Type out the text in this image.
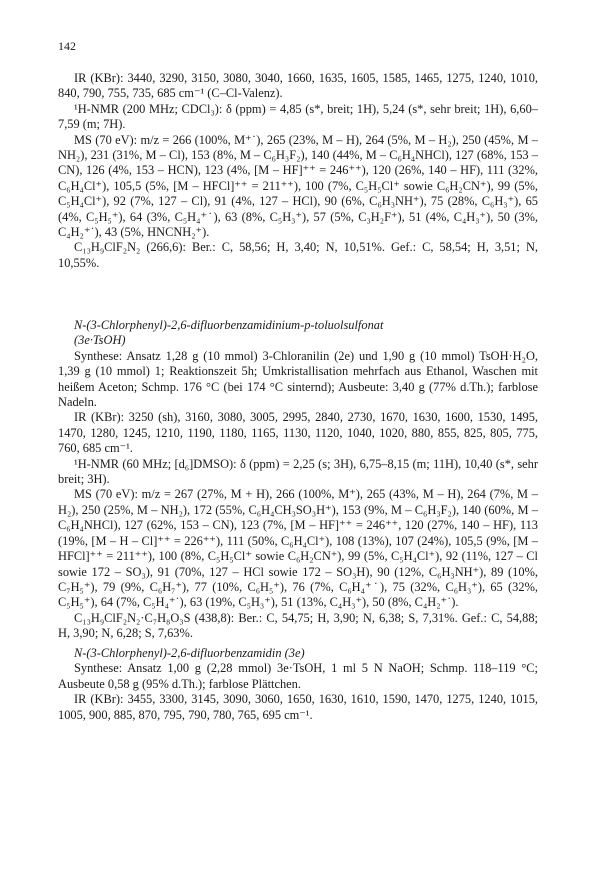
142

IR (KBr): 3440, 3290, 3150, 3080, 3040, 1660, 1635, 1605, 1585, 1465, 1275, 1240, 1010, 840, 790, 755, 735, 685 cm⁻¹ (C–Cl-Valenz).

¹H-NMR (200 MHz; CDCl₃): δ (ppm) = 4,85 (s*, breit; 1H), 5,24 (s*, sehr breit; 1H), 6,60–7,59 (m; 7H).

MS (70 eV): m/z = 266 (100%, M⁺˙), 265 (23%, M – H), 264 (5%, M – H₂), 250 (45%, M – NH₂), 231 (31%, M – Cl), 153 (8%, M – C₆H₃F₂), 140 (44%, M – C₆H₄NHCl), 127 (68%, 153 – CN), 126 (4%, 153 – HCN), 123 (4%, [M – HF]⁺⁺ = 246⁺⁺), 120 (26%, 140 – HF), 111 (32%, C₆H₄Cl⁺), 105,5 (5%, [M – HFCl]⁺⁺ = 211⁺⁺), 100 (7%, C₅H₅Cl⁺ sowie C₆H₂CN⁺), 99 (5%, C₅H₄Cl⁺), 92 (7%, 127 – Cl), 91 (4%, 127 – HCl), 90 (6%, C₆H₃NH⁺), 75 (28%, C₆H₃⁺), 65 (4%, C₅H₅⁺), 64 (3%, C₅H₄⁺˙), 63 (8%, C₅H₃⁺), 57 (5%, C₃H₂F⁺), 51 (4%, C₄H₃⁺), 50 (3%, C₄H₂⁺˙), 43 (5%, HNCNH₂⁺).

C₁₃H₉ClF₂N₂ (266,6): Ber.: C, 58,56; H, 3,40; N, 10,51%. Gef.: C, 58,54; H, 3,51; N, 10,55%.

N-(3-Chlorphenyl)-2,6-difluorbenzamidinium-p-toluolsulfonat

(3e·TsOH)

Synthese: Ansatz 1,28 g (10 mmol) 3-Chloranilin (2e) und 1,90 g (10 mmol) TsOH·H₂O, 1,39 g (10 mmol) 1; Reaktionszeit 5h; Umkristallisation mehrfach aus Ethanol, Waschen mit heißem Aceton; Schmp. 176 °C (bei 174 °C sinternd); Ausbeute: 3,40 g (77% d.Th.); farblose Nadeln.

IR (KBr): 3250 (sh), 3160, 3080, 3005, 2995, 2840, 2730, 1670, 1630, 1600, 1530, 1495, 1470, 1280, 1245, 1210, 1190, 1180, 1165, 1130, 1120, 1040, 1020, 880, 855, 825, 805, 775, 760, 685 cm⁻¹.

¹H-NMR (60 MHz; [d₆]DMSO): δ (ppm) = 2,25 (s; 3H), 6,75–8,15 (m; 11H), 10,40 (s*, sehr breit; 3H).

MS (70 eV): m/z = 267 (27%, M + H), 266 (100%, M⁺), 265 (43%, M – H), 264 (7%, M – H₂), 250 (25%, M – NH₂), 172 (55%, C₆H₄CH₃SO₃H⁺), 153 (9%, M – C₆H₃F₂), 140 (60%, M – C₆H₄NHCl), 127 (62%, 153 – CN), 123 (7%, [M – HF]⁺⁺ = 246⁺⁺, 120 (27%, 140 – HF), 113 (19%, [M – H – Cl]⁺⁺ = 226⁺⁺), 111 (50%, C₆H₄Cl⁺), 108 (13%), 107 (24%), 105,5 (9%, [M – HFCl]⁺⁺ = 211⁺⁺), 100 (8%, C₅H₅Cl⁺ sowie C₆H₂CN⁺), 99 (5%, C₅H₄Cl⁺), 92 (11%, 127 – Cl sowie 172 – SO₃), 91 (70%, 127 – HCl sowie 172 – SO₃H), 90 (12%, C₆H₃NH⁺), 89 (10%, C₇H₅⁺), 79 (9%, C₆H₇⁺), 77 (10%, C₆H₅⁺), 76 (7%, C₆H₄⁺˙), 75 (32%, C₆H₃⁺), 65 (32%, C₅H₅⁺), 64 (7%, C₅H₄⁺˙), 63 (19%, C₅H₃⁺), 51 (13%, C₄H₃⁺), 50 (8%, C₄H₂⁺˙).

C₁₃H₉ClF₂N₂·C₇H₈O₃S (438,8): Ber.: C, 54,75; H, 3,90; N, 6,38; S, 7,31%. Gef.: C, 54,88; H, 3,90; N, 6,28; S, 7,63%.

N-(3-Chlorphenyl)-2,6-difluorbenzamidin (3e)

Synthese: Ansatz 1,00 g (2,28 mmol) 3e·TsOH, 1 ml 5 N NaOH; Schmp. 118–119 °C; Ausbeute 0,58 g (95% d.Th.); farblose Plättchen.

IR (KBr): 3455, 3300, 3145, 3090, 3060, 1650, 1630, 1610, 1590, 1470, 1275, 1240, 1015, 1005, 900, 885, 870, 795, 790, 780, 765, 695 cm⁻¹.
